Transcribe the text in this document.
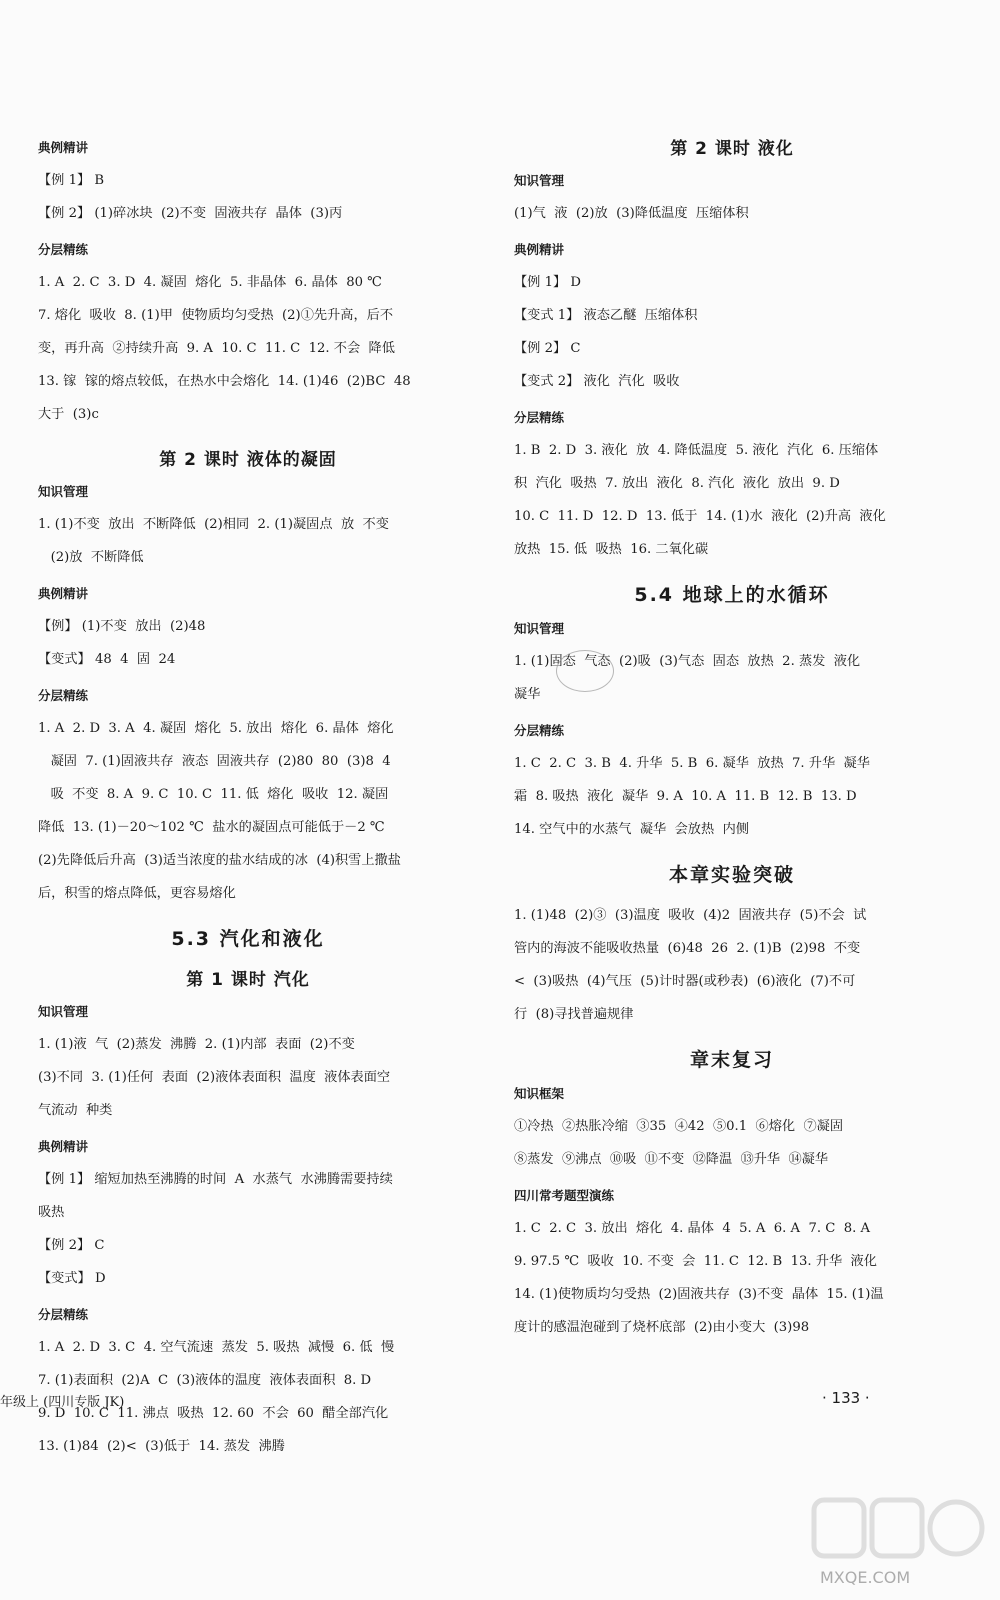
典例精讲
【例 1】 B
【例 2】 (1)碎冰块  (2)不变  固液共存  晶体  (3)丙
分层精练
1. A  2. C  3. D  4. 凝固  熔化  5. 非晶体  6. 晶体  80 ℃
7. 熔化  吸收  8. (1)甲  使物质均匀受热  (2)①先升高，后不
变，再升高  ②持续升高  9. A  10. C  11. C  12. 不会  降低
13. 镓  镓的熔点较低，在热水中会熔化  14. (1)46  (2)BC  48
大于  (3)c
第 2 课时 液体的凝固
知识管理
1. (1)不变  放出  不断降低  (2)相同  2. (1)凝固点  放  不变
(2)放  不断降低
典例精讲
【例】 (1)不变  放出  (2)48
【变式】 48  4  固  24
分层精练
1. A  2. D  3. A  4. 凝固  熔化  5. 放出  熔化  6. 晶体  熔化
凝固  7. (1)固液共存  液态  固液共存  (2)80  80  (3)8  4
吸  不变  8. A  9. C  10. C  11. 低  熔化  吸收  12. 凝固
降低  13. (1)－20～102 ℃  盐水的凝固点可能低于－2 ℃
(2)先降低后升高  (3)适当浓度的盐水结成的冰  (4)积雪上撒盐
后，积雪的熔点降低，更容易熔化
5.3 汽化和液化
第 1 课时 汽化
知识管理
1. (1)液  气  (2)蒸发  沸腾  2. (1)内部  表面  (2)不变
(3)不同  3. (1)任何  表面  (2)液体表面积  温度  液体表面空
气流动  种类
典例精讲
【例 1】 缩短加热至沸腾的时间  A  水蒸气  水沸腾需要持续
吸热
【例 2】 C
【变式】 D
分层精练
1. A  2. D  3. C  4. 空气流速  蒸发  5. 吸热  减慢  6. 低  慢
7. (1)表面积  (2)A  C  (3)液体的温度  液体表面积  8. D
9. D  10. C  11. 沸点  吸热  12. 60  不会  60  醋全部汽化
13. (1)84  (2)<  (3)低于  14. 蒸发  沸腾
第 2 课时 液化
知识管理
(1)气  液  (2)放  (3)降低温度  压缩体积
典例精讲
【例 1】 D
【变式 1】 液态乙醚  压缩体积
【例 2】 C
【变式 2】 液化  汽化  吸收
分层精练
1. B  2. D  3. 液化  放  4. 降低温度  5. 液化  汽化  6. 压缩体
积  汽化  吸热  7. 放出  液化  8. 汽化  液化  放出  9. D
10. C  11. D  12. D  13. 低于  14. (1)水  液化  (2)升高  液化
放热  15. 低  吸热  16. 二氧化碳
5.4 地球上的水循环
知识管理
1. (1)固态  气态  (2)吸  (3)气态  固态  放热  2. 蒸发  液化
凝华
分层精练
1. C  2. C  3. B  4. 升华  5. B  6. 凝华  放热  7. 升华  凝华
霜  8. 吸热  液化  凝华  9. A  10. A  11. B  12. B  13. D
14. 空气中的水蒸气  凝华  会放热  内侧
本章实验突破
1. (1)48  (2)③  (3)温度  吸收  (4)2  固液共存  (5)不会  试
管内的海波不能吸收热量  (6)48  26  2. (1)B  (2)98  不变
<  (3)吸热  (4)气压  (5)计时器(或秒表)  (6)液化  (7)不可
行  (8)寻找普遍规律
章末复习
知识框架
①冷热  ②热胀冷缩  ③35  ④42  ⑤0.1  ⑥熔化  ⑦凝固
⑧蒸发  ⑨沸点  ⑩吸  ⑪不变  ⑫降温  ⑬升华  ⑭凝华
四川常考题型演练
1. C  2. C  3. 放出  熔化  4. 晶体  4  5. A  6. A  7. C  8. A
9. 97.5 ℃  吸收  10. 不变  会  11. C  12. B  13. 升华  液化
14. (1)使物质均匀受热  (2)固液共存  (3)不变  晶体  15. (1)温
度计的感温泡碰到了烧杯底部  (2)由小变大  (3)98
年级上 (四川专版 JK)	· 133 ·
MXQE.COM
